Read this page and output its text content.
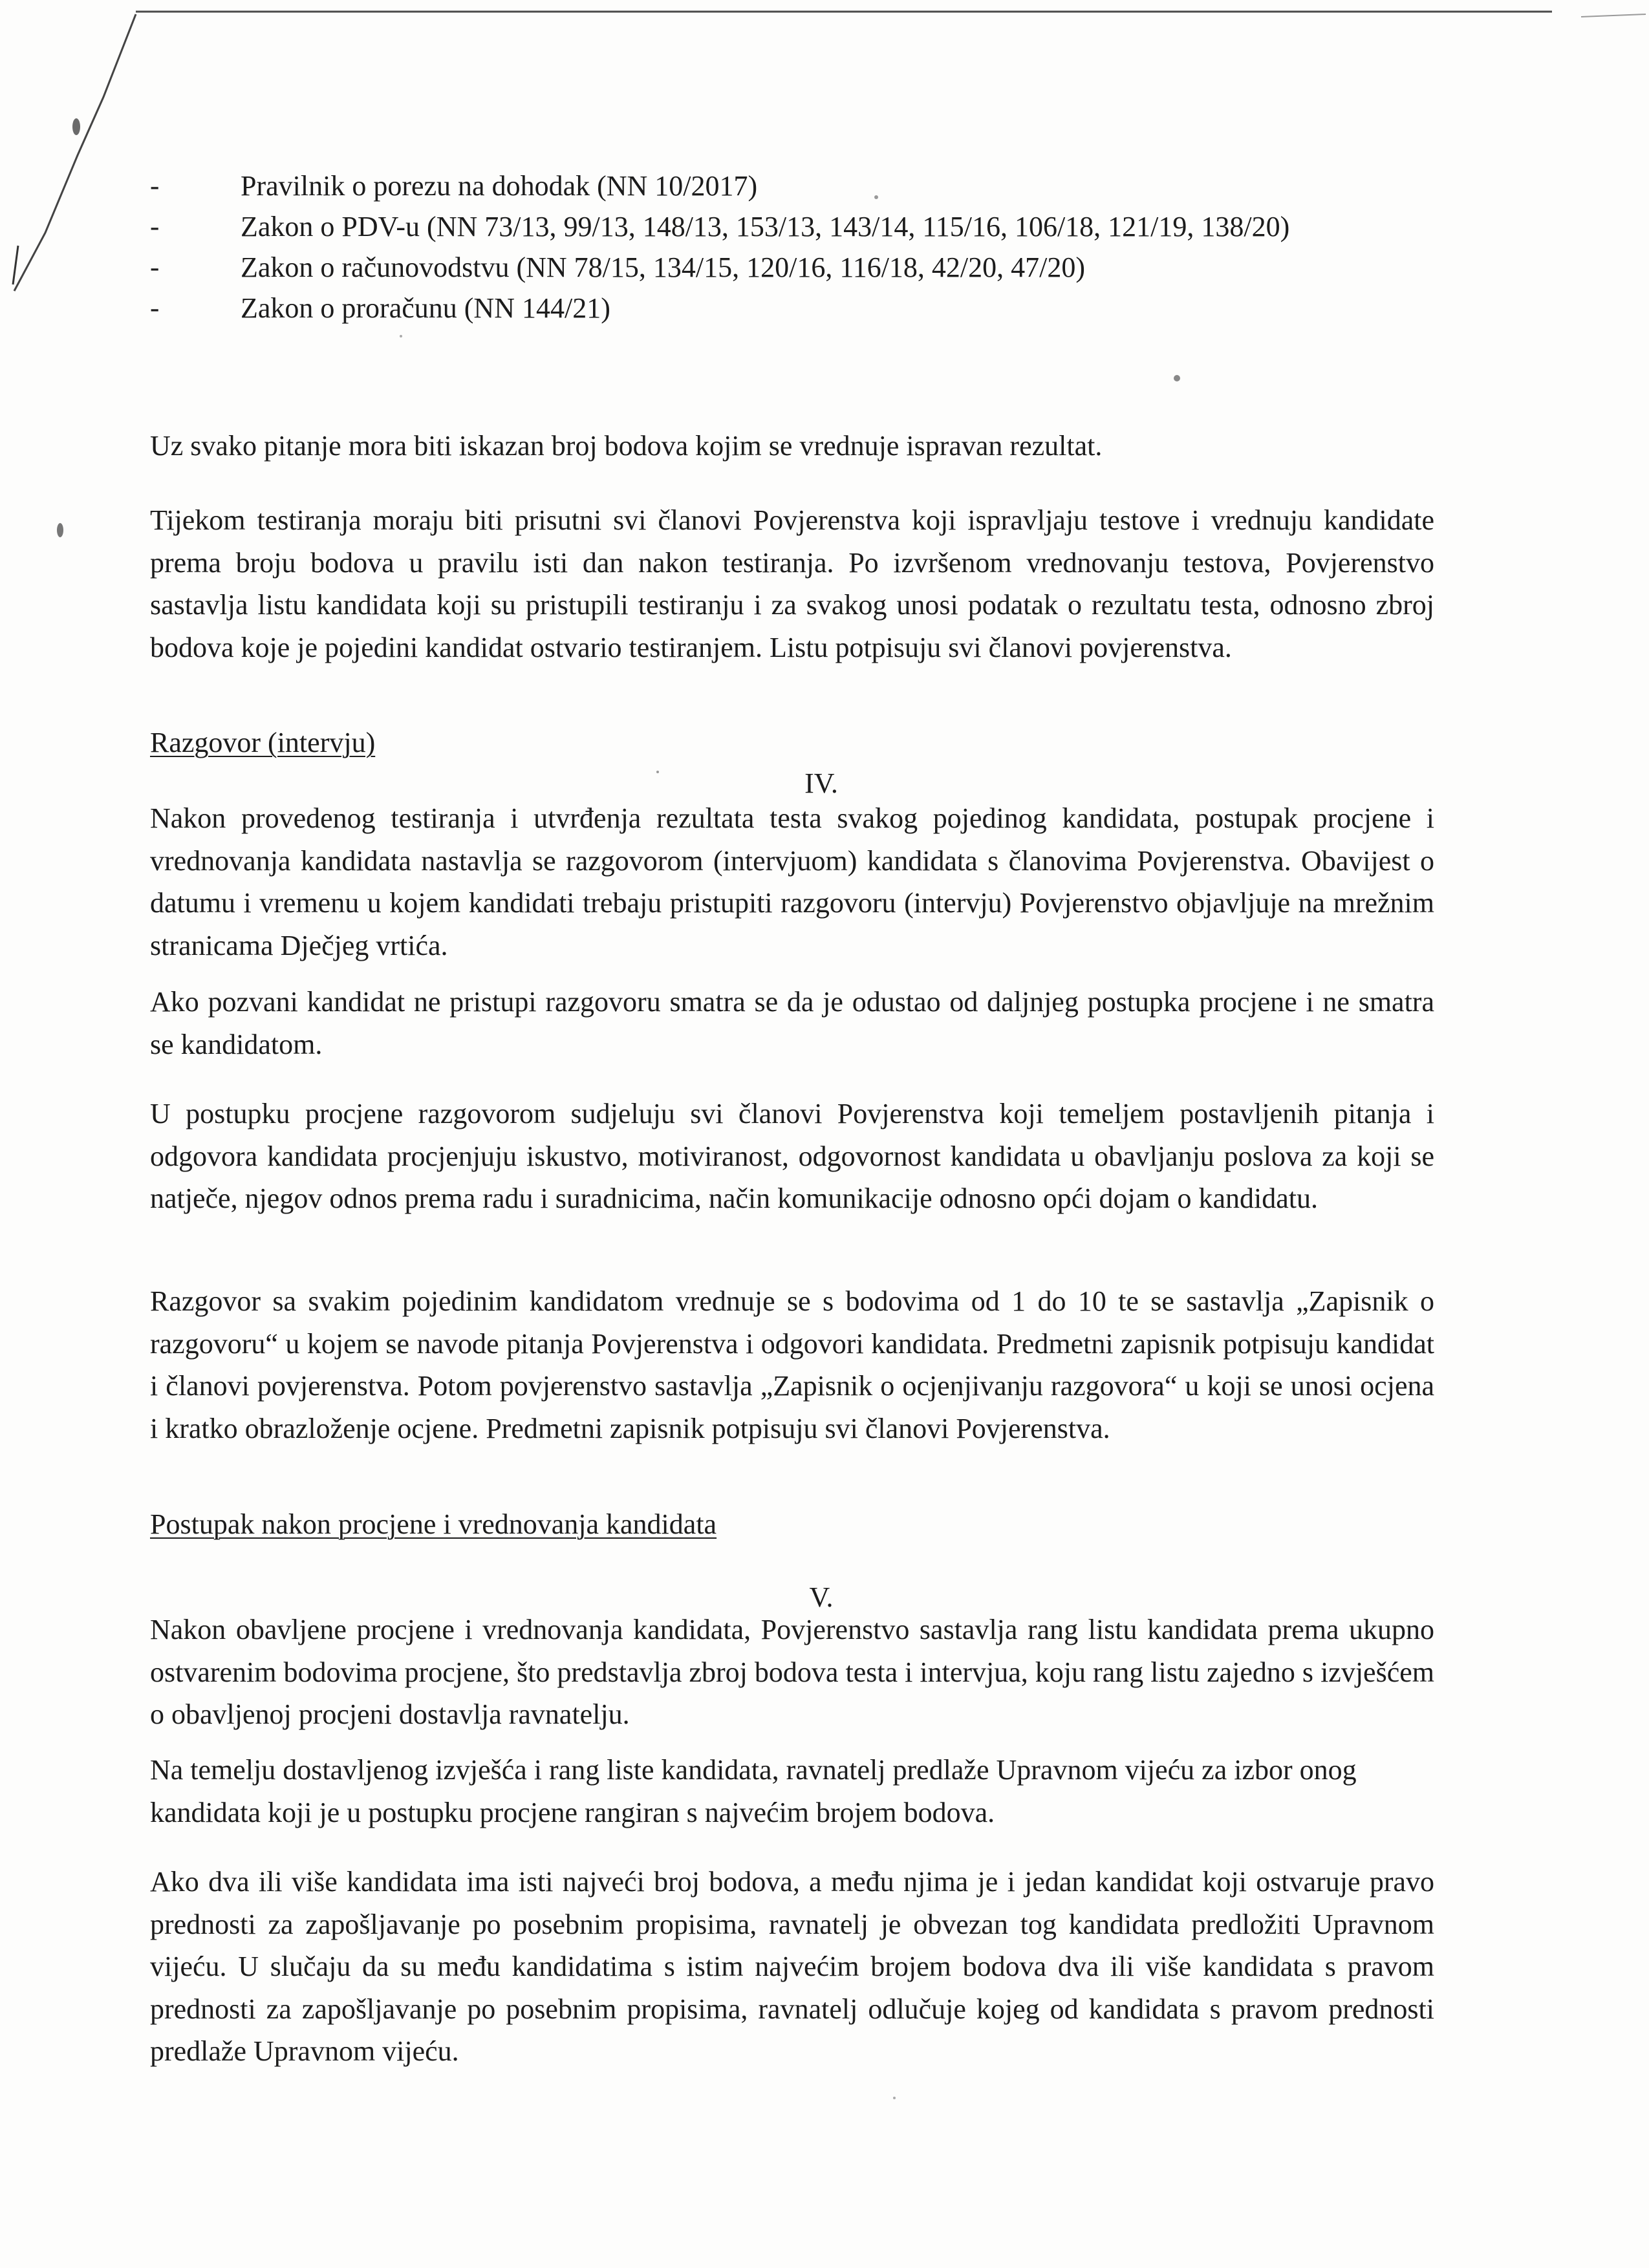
-	Pravilnik o porezu na dohodak (NN 10/2017)
-	Zakon o PDV-u (NN 73/13, 99/13, 148/13, 153/13, 143/14, 115/16, 106/18, 121/19, 138/20)
-	Zakon o računovodstvu (NN 78/15, 134/15, 120/16, 116/18, 42/20, 47/20)
-	Zakon o proračunu (NN 144/21)

Uz svako pitanje mora biti iskazan broj bodova kojim se vrednuje ispravan rezultat.

Tijekom testiranja moraju biti prisutni svi članovi Povjerenstva koji ispravljaju testove i vrednuju kandidate prema broju bodova u pravilu isti dan nakon testiranja. Po izvršenom vrednovanju testova, Povjerenstvo sastavlja listu kandidata koji su pristupili testiranju i za svakog unosi podatak o rezultatu testa, odnosno zbroj bodova koje je pojedini kandidat ostvario testiranjem. Listu potpisuju svi članovi povjerenstva.

Razgovor (intervju)

IV.

Nakon provedenog testiranja i utvrđenja rezultata testa svakog pojedinog kandidata, postupak procjene i vrednovanja kandidata nastavlja se razgovorom (intervjuom) kandidata s članovima Povjerenstva. Obavijest o datumu i vremenu u kojem kandidati trebaju pristupiti razgovoru (intervju) Povjerenstvo objavljuje na mrežnim stranicama Dječjeg vrtića.

Ako pozvani kandidat ne pristupi razgovoru smatra se da je odustao od daljnjeg postupka procjene i ne smatra se kandidatom.

U postupku procjene razgovorom sudjeluju svi članovi Povjerenstva koji temeljem postavljenih pitanja i odgovora kandidata procjenjuju iskustvo, motiviranost, odgovornost kandidata u obavljanju poslova za koji se natječe, njegov odnos prema radu i suradnicima, način komunikacije odnosno opći dojam o kandidatu.

Razgovor sa svakim pojedinim kandidatom vrednuje se s bodovima od 1 do 10 te se sastavlja „Zapisnik o razgovoru“ u kojem se navode pitanja Povjerenstva i odgovori kandidata. Predmetni zapisnik potpisuju kandidat i članovi povjerenstva. Potom povjerenstvo sastavlja „Zapisnik o ocjenjivanju razgovora“ u koji se unosi ocjena i kratko obrazloženje ocjene. Predmetni zapisnik potpisuju svi članovi Povjerenstva.

Postupak nakon procjene i vrednovanja kandidata

V.

Nakon obavljene procjene i vrednovanja kandidata, Povjerenstvo sastavlja rang listu kandidata prema ukupno ostvarenim bodovima procjene, što predstavlja zbroj bodova testa i intervjua, koju rang listu zajedno s izvješćem o obavljenoj procjeni dostavlja ravnatelju.

Na temelju dostavljenog izvješća i rang liste kandidata, ravnatelj predlaže Upravnom vijeću za izbor onog kandidata koji je u postupku procjene rangiran s najvećim brojem bodova.

Ako dva ili više kandidata ima isti najveći broj bodova, a među njima je i jedan kandidat koji ostvaruje pravo prednosti za zapošljavanje po posebnim propisima, ravnatelj je obvezan tog kandidata predložiti Upravnom vijeću. U slučaju da su među kandidatima s istim najvećim brojem bodova dva ili više kandidata s pravom prednosti za zapošljavanje po posebnim propisima, ravnatelj odlučuje kojeg od kandidata s pravom prednosti predlaže Upravnom vijeću.
